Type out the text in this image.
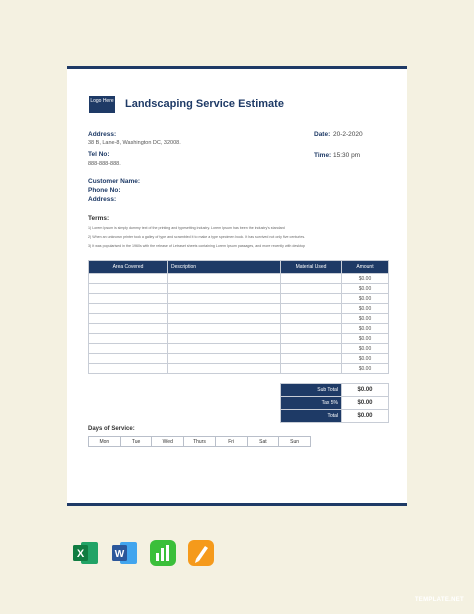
Logo Here Landscaping Service Estimate
Address:
38 B, Lane-8, Washington DC, 32008.
Tel No:
888-888-888.
Date: 20-2-2020
Time: 15:30 pm
Customer Name:
Phone No:
Address:
Terms:
1) Lorem Ipsum is simply dummy text of the printing and typesetting industry. Lorem Ipsum has been the industry's standard
2) When an unknown printer took a galley of type and scrambled it to make a type specimen book. It has survived not only five centuries.
3) It was popularised in the 1960s with the release of Letraset sheets containing Lorem Ipsum passages, and more recently with desktop
Area Covered	Description	Material Used	Amount
			$0.00
			$0.00
			$0.00
			$0.00
			$0.00
			$0.00
			$0.00
			$0.00
			$0.00
			$0.00
Sub Total	$0.00
Tax 5%	$0.00
Total	$0.00
Days of Service:
Mon	Tue	Wed	Thurs	Fri	Sat	Sun
X	W
TEMPLATE.NET
